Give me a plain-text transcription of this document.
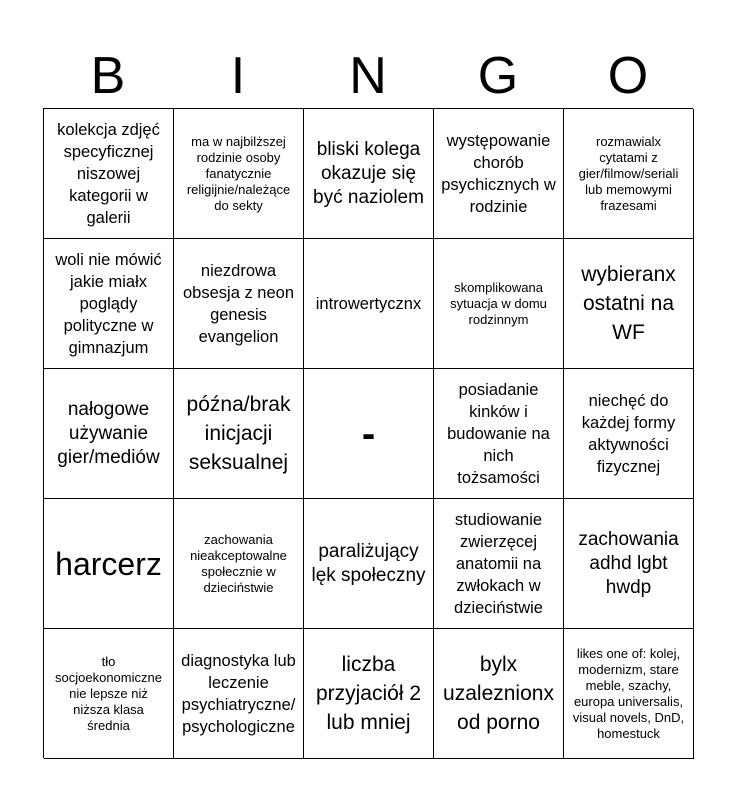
B	I	N	G	O
kolekcja zdjęć specyficznej niszowej kategorii w galerii
ma w najbilższej rodzinie osoby fanatycznie religijnie/należące do sekty
bliski kolega okazuje się być naziolem
występowanie chorób psychicznych w rodzinie
rozmawialx cytatami z gier/filmow/seriali lub memowymi frazesami
woli nie mówić jakie miałx poglądy polityczne w gimnazjum
niezdrowa obsesja z neon genesis evangelion
introwertycznx
skomplikowana sytuacja w domu rodzinnym
wybieranx ostatni na WF
nałogowe używanie gier/mediów
późna/brak inicjacji seksualnej
-
posiadanie kinków i budowanie na nich tożsamości
niechęć do każdej formy aktywności fizycznej
harcerz
zachowania nieakceptowalne społecznie w dzieciństwie
paraliżujący lęk społeczny
studiowanie zwierzęcej anatomii na zwłokach w dzieciństwie
zachowania adhd lgbt hwdp
tło socjoekonomiczne nie lepsze niż niższa klasa średnia
diagnostyka lub leczenie psychiatryczne/ psychologiczne
liczba przyjaciół 2 lub mniej
bylx uzaleznionx od porno
likes one of: kolej, modernizm, stare meble, szachy, europa universalis, visual novels, DnD, homestuck
